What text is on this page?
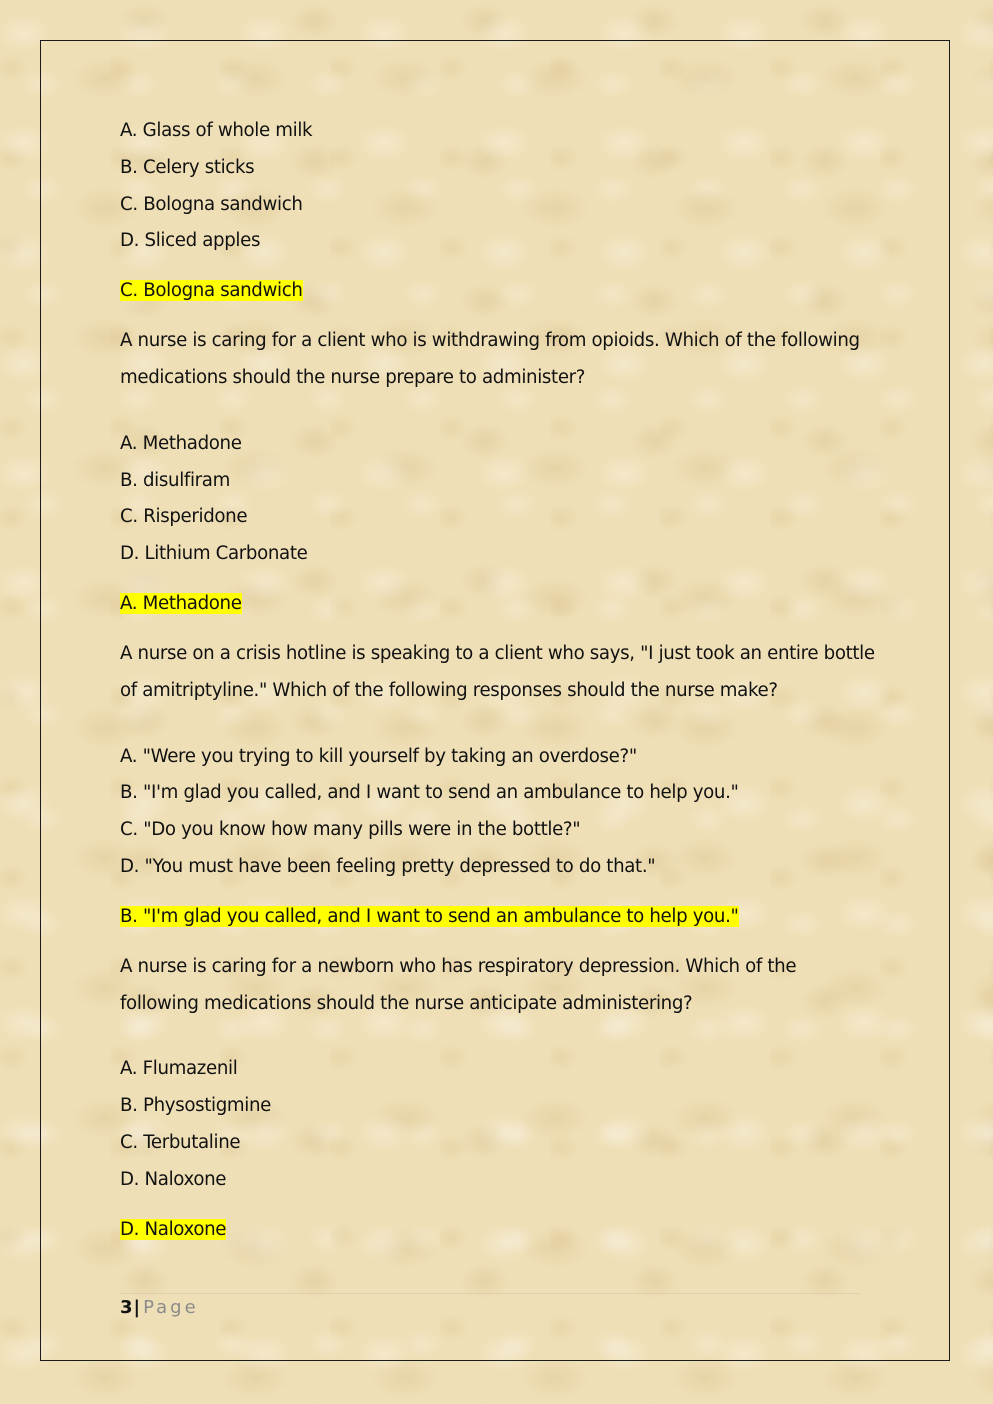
A. Glass of whole milk
B. Celery sticks
C. Bologna sandwich
D. Sliced apples
C. Bologna sandwich
A nurse is caring for a client who is withdrawing from opioids. Which of the following medications should the nurse prepare to administer?
A. Methadone
B. disulfiram
C. Risperidone
D. Lithium Carbonate
A. Methadone
A nurse on a crisis hotline is speaking to a client who says, "I just took an entire bottle of amitriptyline." Which of the following responses should the nurse make?
A. "Were you trying to kill yourself by taking an overdose?"
B. "I'm glad you called, and I want to send an ambulance to help you."
C. "Do you know how many pills were in the bottle?"
D. "You must have been feeling pretty depressed to do that."
B. "I'm glad you called, and I want to send an ambulance to help you."
A nurse is caring for a newborn who has respiratory depression. Which of the following medications should the nurse anticipate administering?
A. Flumazenil
B. Physostigmine
C. Terbutaline
D. Naloxone
D. Naloxone
3| Page
